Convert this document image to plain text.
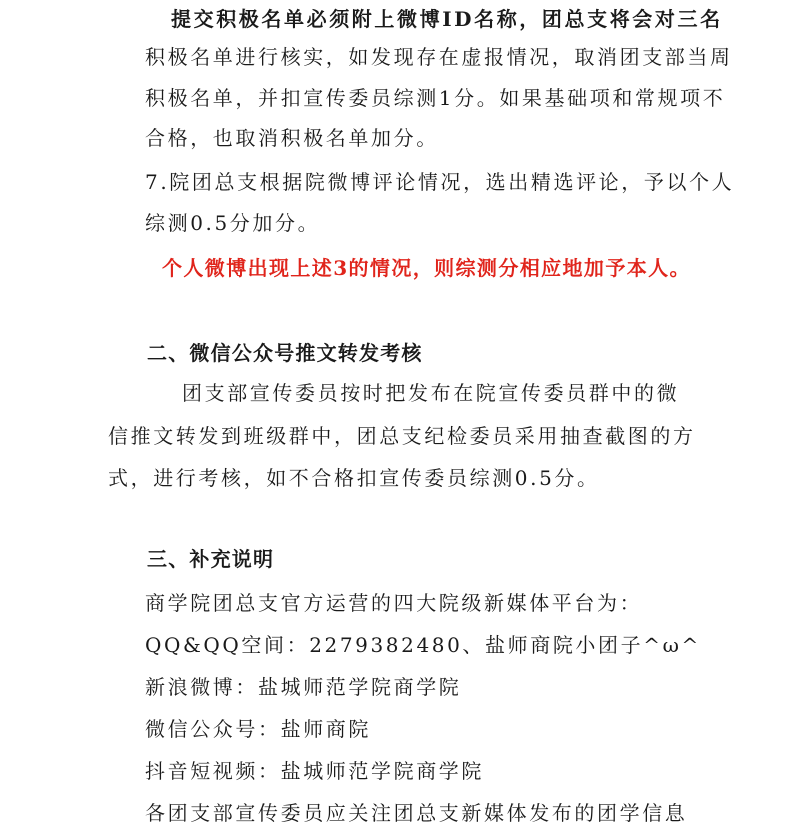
提交积极名单必须附上微博ID名称，团总支将会对三名
积极名单进行核实，如发现存在虚报情况，取消团支部当周
积极名单，并扣宣传委员综测1分。如果基础项和常规项不
合格，也取消积极名单加分。
7.院团总支根据院微博评论情况，选出精选评论，予以个人
综测0.5分加分。
个人微博出现上述3的情况，则综测分相应地加予本人。
二、微信公众号推文转发考核
团支部宣传委员按时把发布在院宣传委员群中的微
信推文转发到班级群中，团总支纪检委员采用抽查截图的方
式，进行考核，如不合格扣宣传委员综测0.5分。
三、补充说明
商学院团总支官方运营的四大院级新媒体平台为：
QQ&QQ空间：2279382480、盐师商院小团子^ω^
新浪微博：盐城师范学院商学院
微信公众号：盐师商院
抖音短视频：盐城师范学院商学院
各团支部宣传委员应关注团总支新媒体发布的团学信息
